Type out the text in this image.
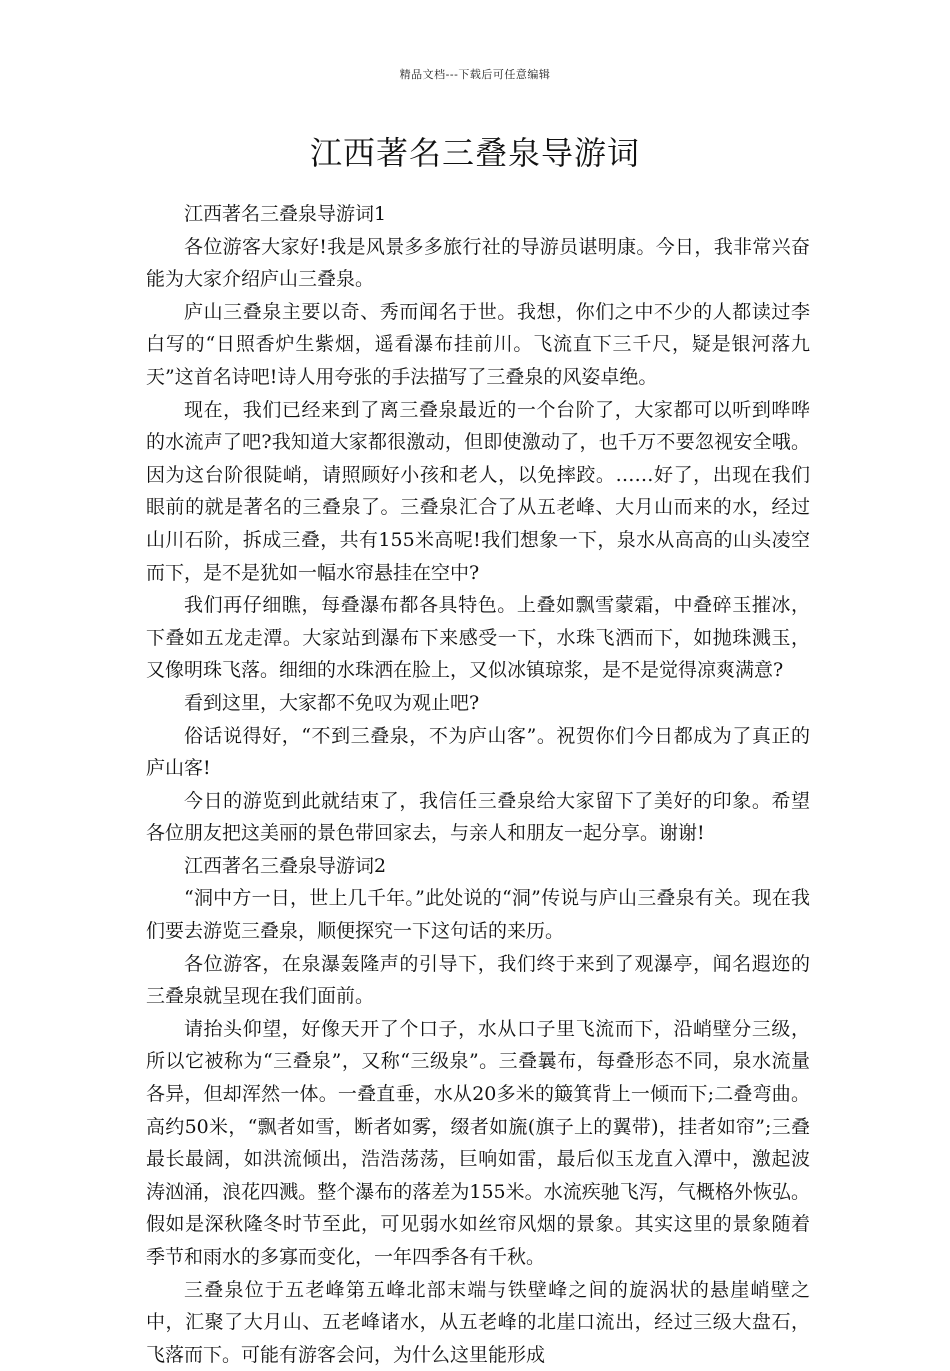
精品文档---下载后可任意编辑
江西著名三叠泉导游词

江西著名三叠泉导游词1

各位游客大家好!我是风景多多旅行社的导游员谌明康。今日，我非常兴奋能为大家介绍庐山三叠泉。

庐山三叠泉主要以奇、秀而闻名于世。我想，你们之中不少的人都读过李白写的“日照香炉生紫烟，遥看瀑布挂前川。飞流直下三千尺，疑是银河落九天”这首名诗吧!诗人用夸张的手法描写了三叠泉的风姿卓绝。

现在，我们已经来到了离三叠泉最近的一个台阶了，大家都可以听到哗哗的水流声了吧?我知道大家都很激动，但即使激动了，也千万不要忽视安全哦。因为这台阶很陡峭，请照顾好小孩和老人，以免摔跤。……好了，出现在我们眼前的就是著名的三叠泉了。三叠泉汇合了从五老峰、大月山而来的水，经过山川石阶，拆成三叠，共有155米高呢!我们想象一下，泉水从高高的山头凌空而下，是不是犹如一幅水帘悬挂在空中?

我们再仔细瞧，每叠瀑布都各具特色。上叠如飘雪蒙霜，中叠碎玉摧冰，下叠如五龙走潭。大家站到瀑布下来感受一下，水珠飞洒而下，如抛珠溅玉，又像明珠飞落。细细的水珠洒在脸上，又似冰镇琼浆，是不是觉得凉爽满意?

看到这里，大家都不免叹为观止吧?

俗话说得好，“不到三叠泉，不为庐山客”。祝贺你们今日都成为了真正的庐山客!

今日的游览到此就结束了，我信任三叠泉给大家留下了美好的印象。希望各位朋友把这美丽的景色带回家去，与亲人和朋友一起分享。谢谢!

江西著名三叠泉导游词2

“洞中方一日，世上几千年。”此处说的“洞”传说与庐山三叠泉有关。现在我们要去游览三叠泉，顺便探究一下这句话的来历。

各位游客，在泉瀑轰隆声的引导下，我们终于来到了观瀑亭，闻名遐迩的三叠泉就呈现在我们面前。

请抬头仰望，好像天开了个口子，水从口子里飞流而下，沿峭壁分三级，所以它被称为“三叠泉”，又称“三级泉”。三叠曩布，每叠形态不同，泉水流量各异，但却浑然一体。一叠直垂，水从20多米的簸箕背上一倾而下;二叠弯曲。高约50米，“飘者如雪，断者如雾，缀者如旒(旗子上的翼带)，挂者如帘”;三叠最长最阔，如洪流倾出，浩浩荡荡，巨响如雷，最后似玉龙直入潭中，激起波涛汹涌，浪花四溅。整个瀑布的落差为155米。水流疾驰飞泻，气概格外恢弘。假如是深秋隆冬时节至此，可见弱水如丝帘风烟的景象。其实这里的景象随着季节和雨水的多寡而变化，一年四季各有千秋。

三叠泉位于五老峰第五峰北部末端与铁壁峰之间的旋涡状的悬崖峭壁之中，汇聚了大月山、五老峰诸水，从五老峰的北崖口流出，经过三级大盘石，飞落而下。可能有游客会问，为什么这里能形成
